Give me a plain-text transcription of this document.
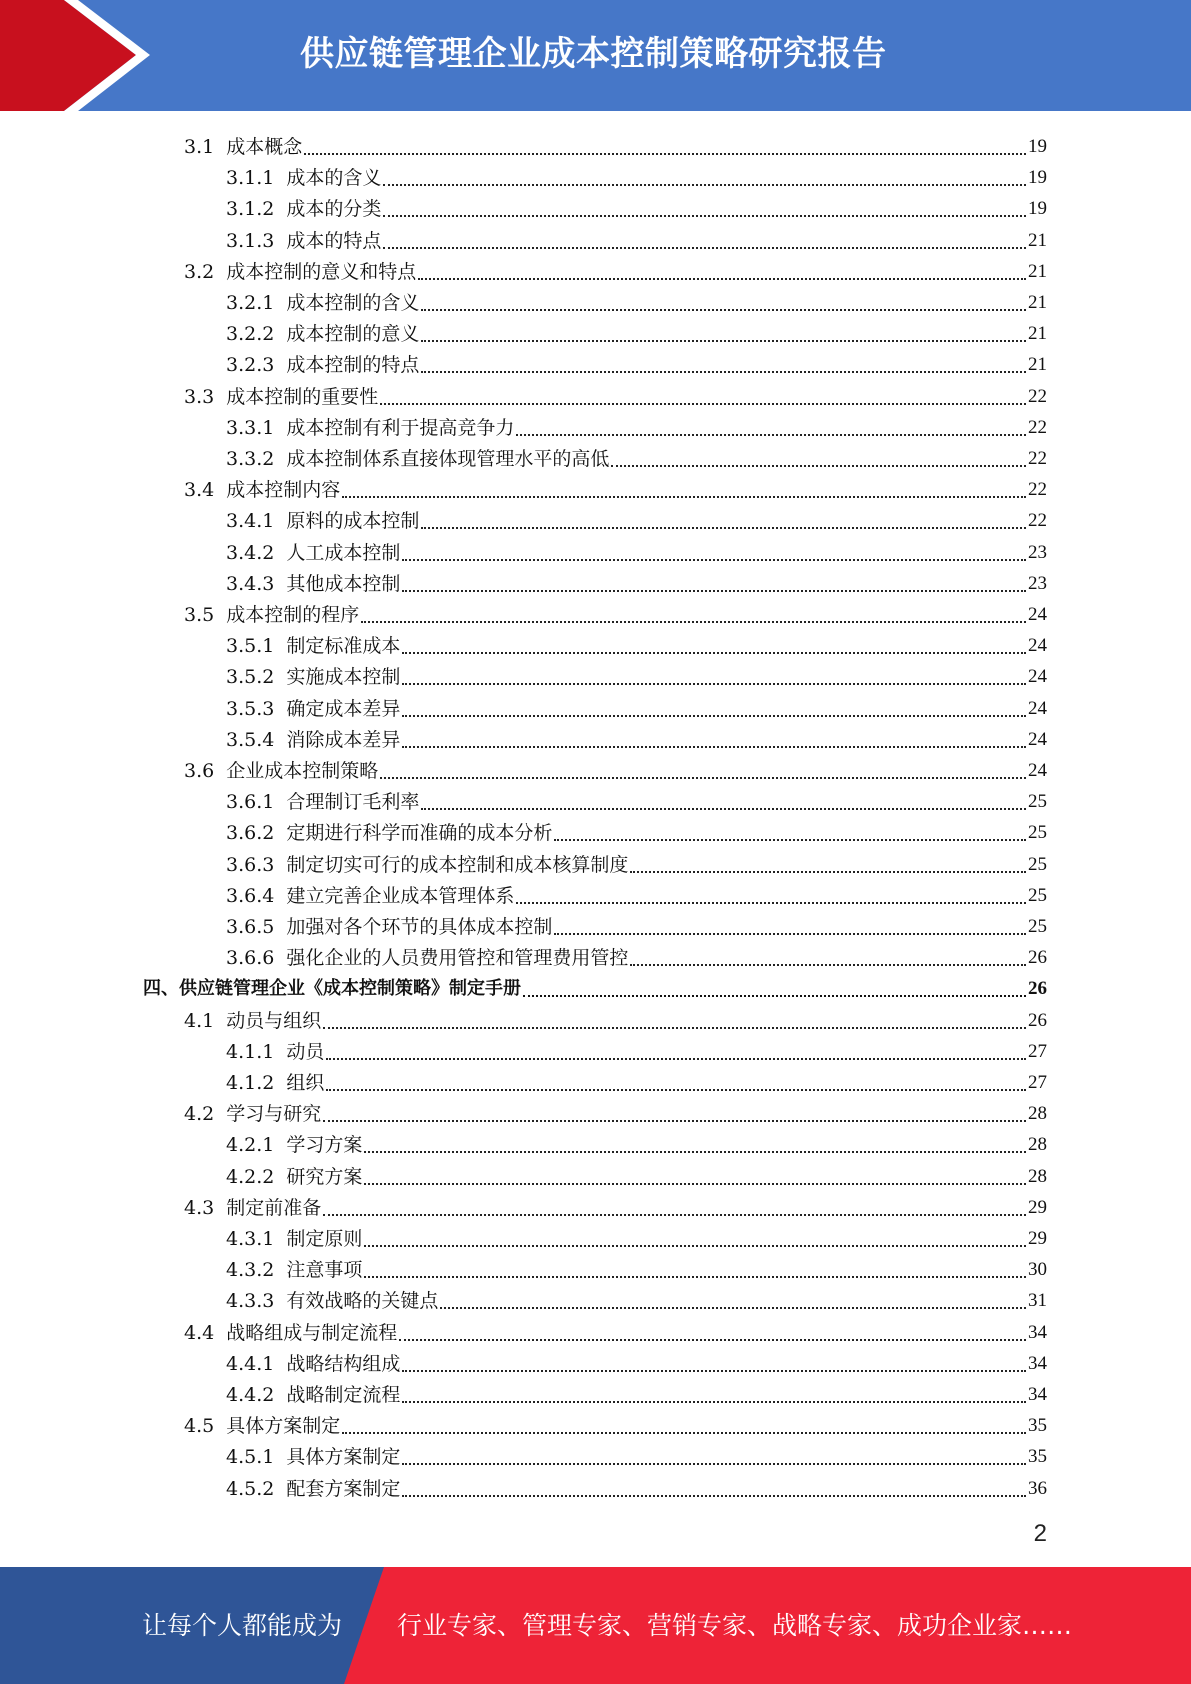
供应链管理企业成本控制策略研究报告
3.1 成本概念	19
3.1.1 成本的含义	19
3.1.2 成本的分类	19
3.1.3 成本的特点	21
3.2 成本控制的意义和特点	21
3.2.1 成本控制的含义	21
3.2.2 成本控制的意义	21
3.2.3 成本控制的特点	21
3.3 成本控制的重要性	22
3.3.1 成本控制有利于提高竞争力	22
3.3.2 成本控制体系直接体现管理水平的高低	22
3.4 成本控制内容	22
3.4.1 原料的成本控制	22
3.4.2 人工成本控制	23
3.4.3 其他成本控制	23
3.5 成本控制的程序	24
3.5.1 制定标准成本	24
3.5.2 实施成本控制	24
3.5.3 确定成本差异	24
3.5.4 消除成本差异	24
3.6 企业成本控制策略	24
3.6.1 合理制订毛利率	25
3.6.2 定期进行科学而准确的成本分析	25
3.6.3 制定切实可行的成本控制和成本核算制度	25
3.6.4 建立完善企业成本管理体系	25
3.6.5 加强对各个环节的具体成本控制	25
3.6.6 强化企业的人员费用管控和管理费用管控	26
四、供应链管理企业《成本控制策略》制定手册	26
4.1 动员与组织	26
4.1.1 动员	27
4.1.2 组织	27
4.2 学习与研究	28
4.2.1 学习方案	28
4.2.2 研究方案	28
4.3 制定前准备	29
4.3.1 制定原则	29
4.3.2 注意事项	30
4.3.3 有效战略的关键点	31
4.4 战略组成与制定流程	34
4.4.1 战略结构组成	34
4.4.2 战略制定流程	34
4.5 具体方案制定	35
4.5.1 具体方案制定	35
4.5.2 配套方案制定	36
2
让每个人都能成为 行业专家、管理专家、营销专家、战略专家、成功企业家……
